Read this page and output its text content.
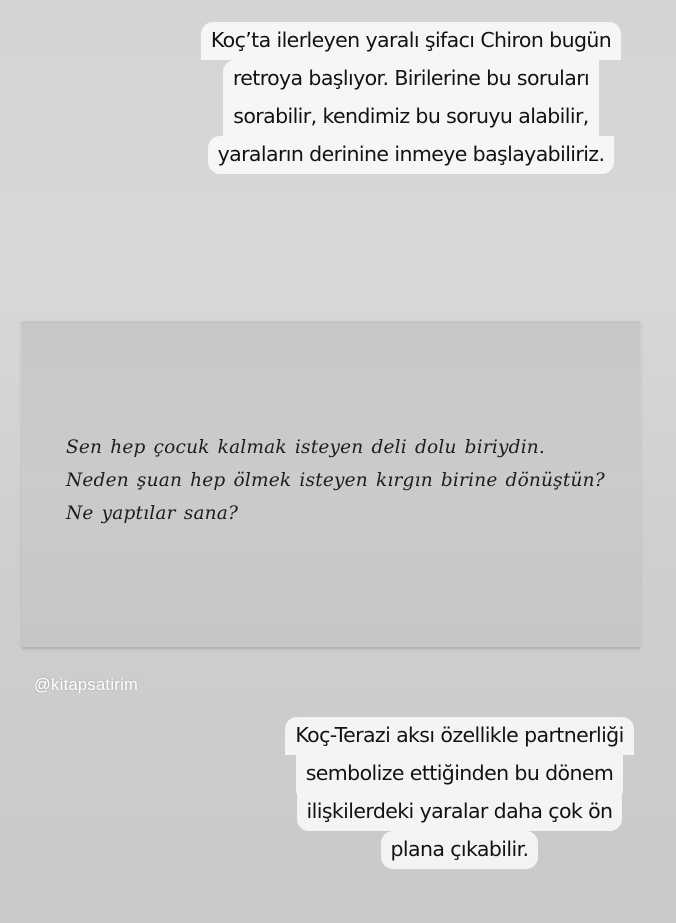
Koç’ta ilerleyen yaralı şifacı Chiron bugün
retroya başlıyor. Birilerine bu soruları
sorabilir, kendimiz bu soruyu alabilir,
yaraların derinine inmeye başlayabiliriz.
Sen hep çocuk kalmak isteyen deli dolu biriydin.
Neden şuan hep ölmek isteyen kırgın birine dönüştün?
Ne yaptılar sana?
@kitapsatirim
Koç-Terazi aksı özellikle partnerliği
sembolize ettiğinden bu dönem
ilişkilerdeki yaralar daha çok ön
plana çıkabilir.
